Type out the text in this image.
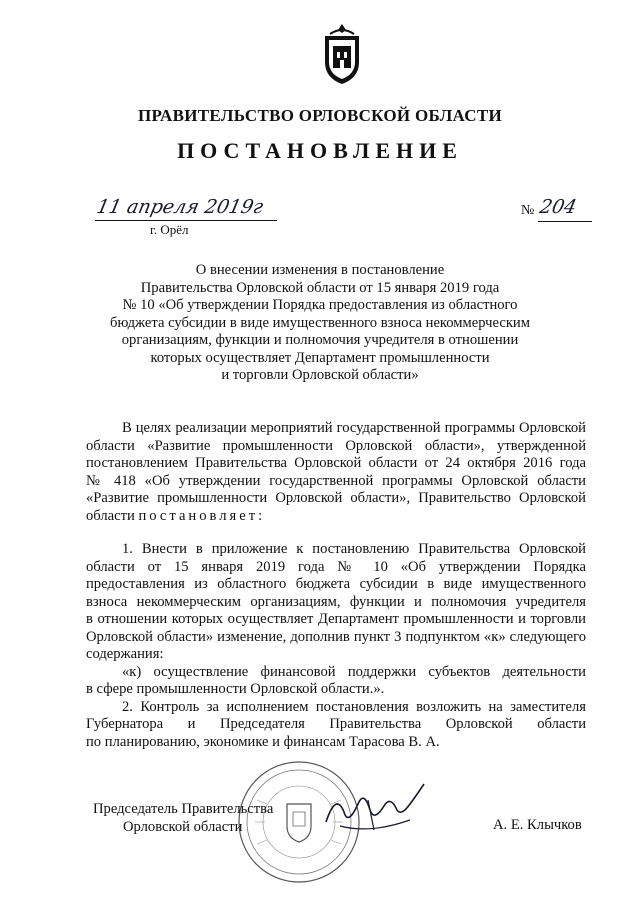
ПРАВИТЕЛЬСТВО ОРЛОВСКОЙ ОБЛАСТИ
ПОСТАНОВЛЕНИЕ
11 апреля 2019г
г. Орёл
№ 204
О внесении изменения в постановление
Правительства Орловской области от 15 января 2019 года
№ 10 «Об утверждении Порядка предоставления из областного
бюджета субсидии в виде имущественного взноса некоммерческим
организациям, функции и полномочия учредителя в отношении
которых осуществляет Департамент промышленности
и торговли Орловской области»
В целях реализации мероприятий государственной программы Орловской
области «Развитие промышленности Орловской области», утвержденной
постановлением Правительства Орловской области от 24 октября 2016 года
№ 418 «Об утверждении государственной программы Орловской области
«Развитие промышленности Орловской области», Правительство Орловской
области постановляет:
1. Внести в приложение к постановлению Правительства Орловской
области от 15 января 2019 года № 10 «Об утверждении Порядка
предоставления из областного бюджета субсидии в виде имущественного
взноса некоммерческим организациям, функции и полномочия учредителя
в отношении которых осуществляет Департамент промышленности и торговли
Орловской области» изменение, дополнив пункт 3 подпунктом «к» следующего
содержания:
«к) осуществление финансовой поддержки субъектов деятельности
в сфере промышленности Орловской области.».
2. Контроль за исполнением постановления возложить на заместителя
Губернатора и Председателя Правительства Орловской области
по планированию, экономике и финансам Тарасова В. А.
Председатель Правительства
Орловской области	А. Е. Клычков
